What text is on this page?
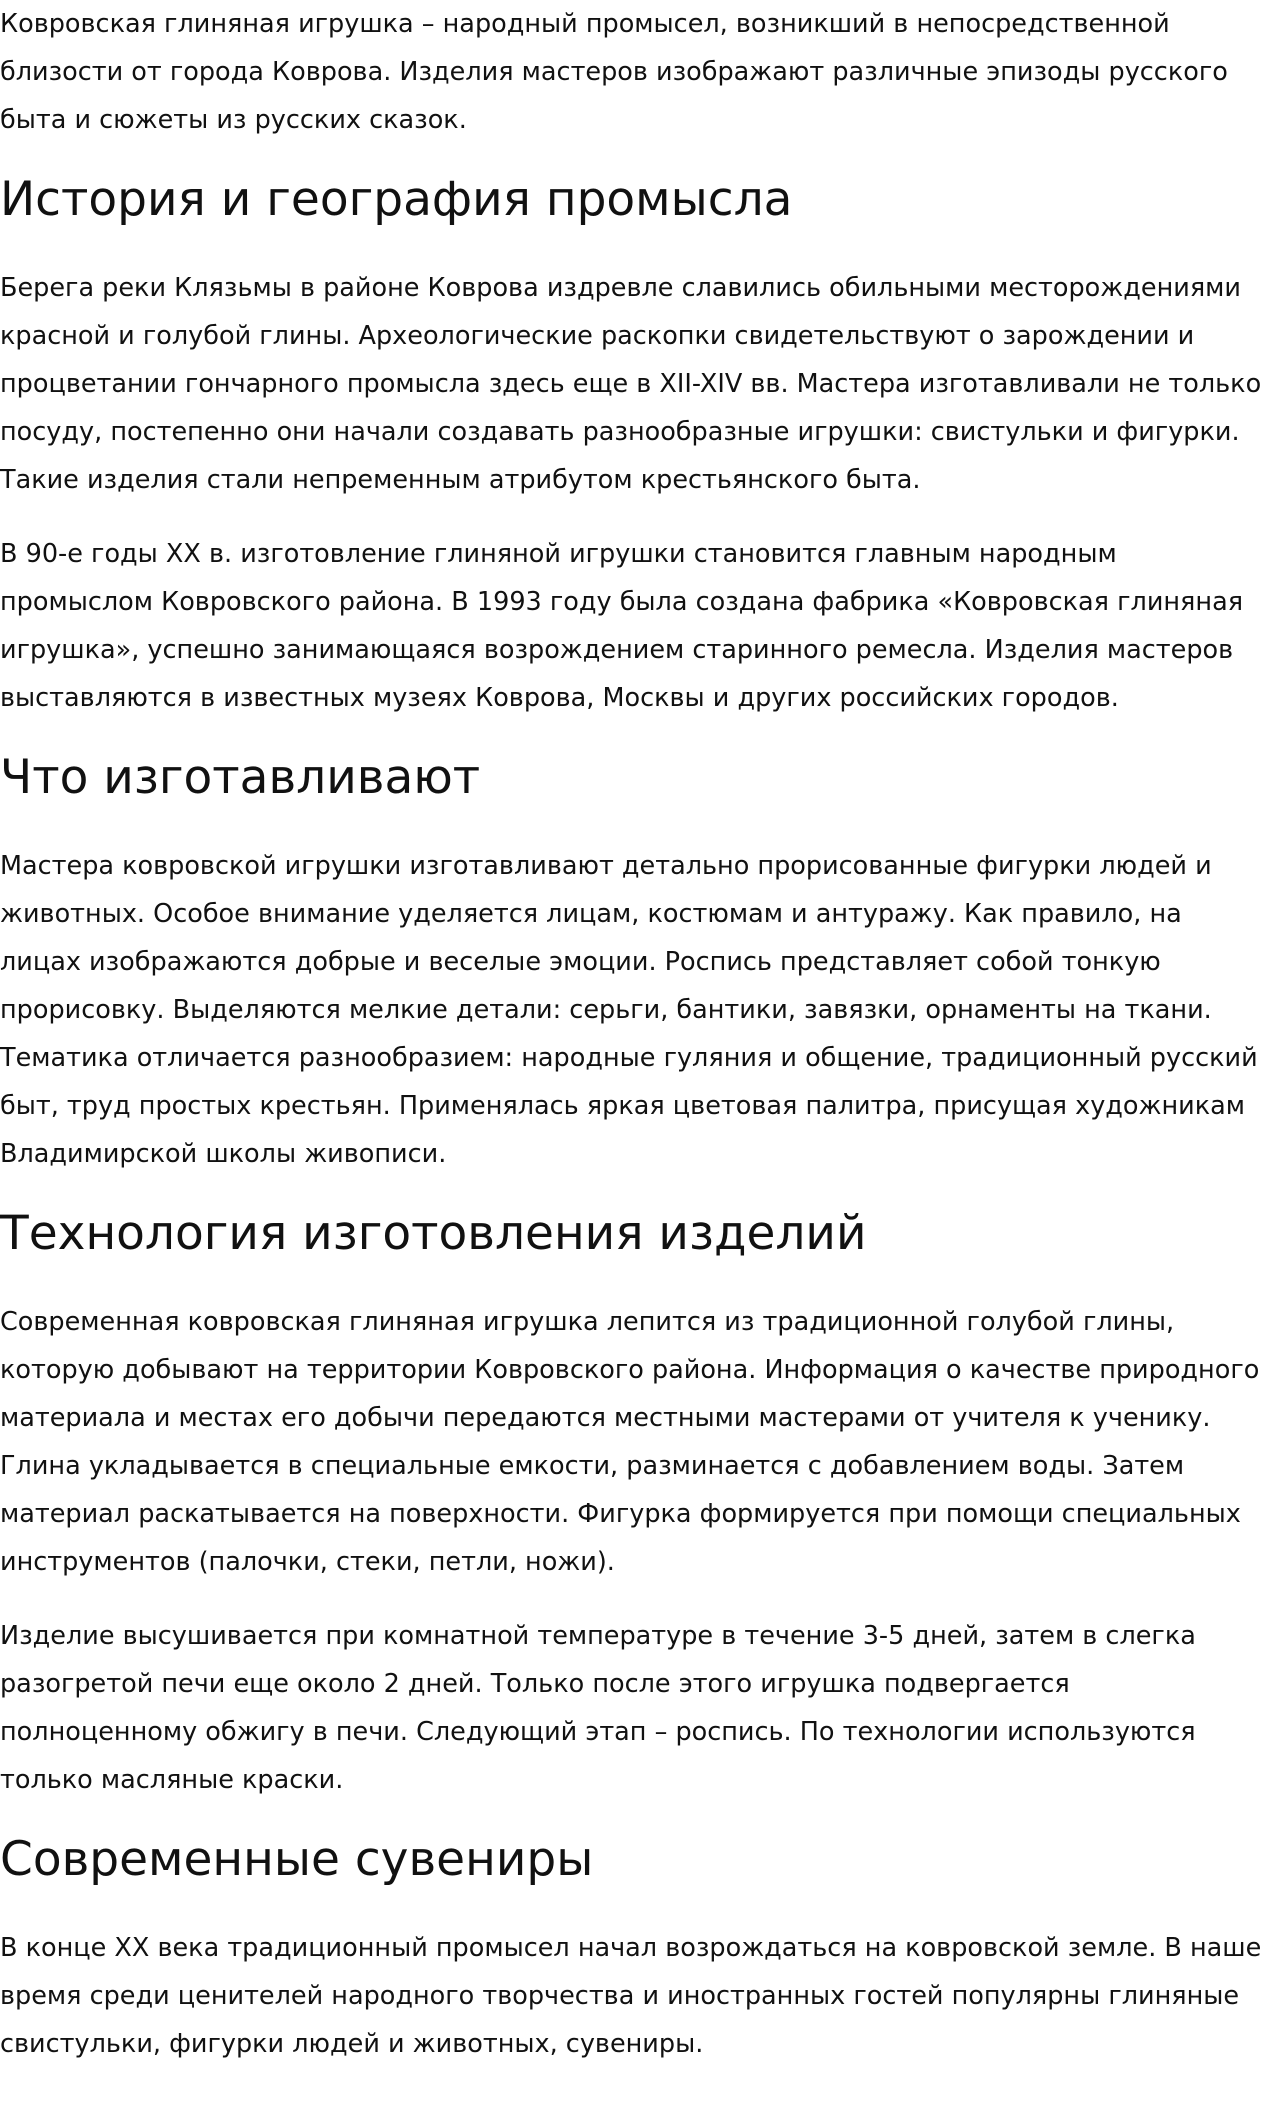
Ковровская глиняная игрушка – народный промысел, возникший в непосредственной близости от города Коврова. Изделия мастеров изображают различные эпизоды русского быта и сюжеты из русских сказок.

История и география промысла

Берега реки Клязьмы в районе Коврова издревле славились обильными месторождениями красной и голубой глины. Археологические раскопки свидетельствуют о зарождении и процветании гончарного промысла здесь еще в XII-XIV вв. Мастера изготавливали не только посуду, постепенно они начали создавать разнообразные игрушки: свистульки и фигурки. Такие изделия стали непременным атрибутом крестьянского быта.

В 90-е годы XX в. изготовление глиняной игрушки становится главным народным промыслом Ковровского района. В 1993 году была создана фабрика «Ковровская глиняная игрушка», успешно занимающаяся возрождением старинного ремесла. Изделия мастеров выставляются в известных музеях Коврова, Москвы и других российских городов.

Что изготавливают

Мастера ковровской игрушки изготавливают детально прорисованные фигурки людей и животных. Особое внимание уделяется лицам, костюмам и антуражу. Как правило, на лицах изображаются добрые и веселые эмоции. Роспись представляет собой тонкую прорисовку. Выделяются мелкие детали: серьги, бантики, завязки, орнаменты на ткани. Тематика отличается разнообразием: народные гуляния и общение, традиционный русский быт, труд простых крестьян. Применялась яркая цветовая палитра, присущая художникам Владимирской школы живописи.

Технология изготовления изделий

Современная ковровская глиняная игрушка лепится из традиционной голубой глины, которую добывают на территории Ковровского района. Информация о качестве природного материала и местах его добычи передаются местными мастерами от учителя к ученику. Глина укладывается в специальные емкости, разминается с добавлением воды. Затем материал раскатывается на поверхности. Фигурка формируется при помощи специальных инструментов (палочки, стеки, петли, ножи).

Изделие высушивается при комнатной температуре в течение 3-5 дней, затем в слегка разогретой печи еще около 2 дней. Только после этого игрушка подвергается полноценному обжигу в печи. Следующий этап – роспись. По технологии используются только масляные краски.

Современные сувениры

В конце XX века традиционный промысел начал возрождаться на ковровской земле. В наше время среди ценителей народного творчества и иностранных гостей популярны глиняные свистульки, фигурки людей и животных, сувениры.
